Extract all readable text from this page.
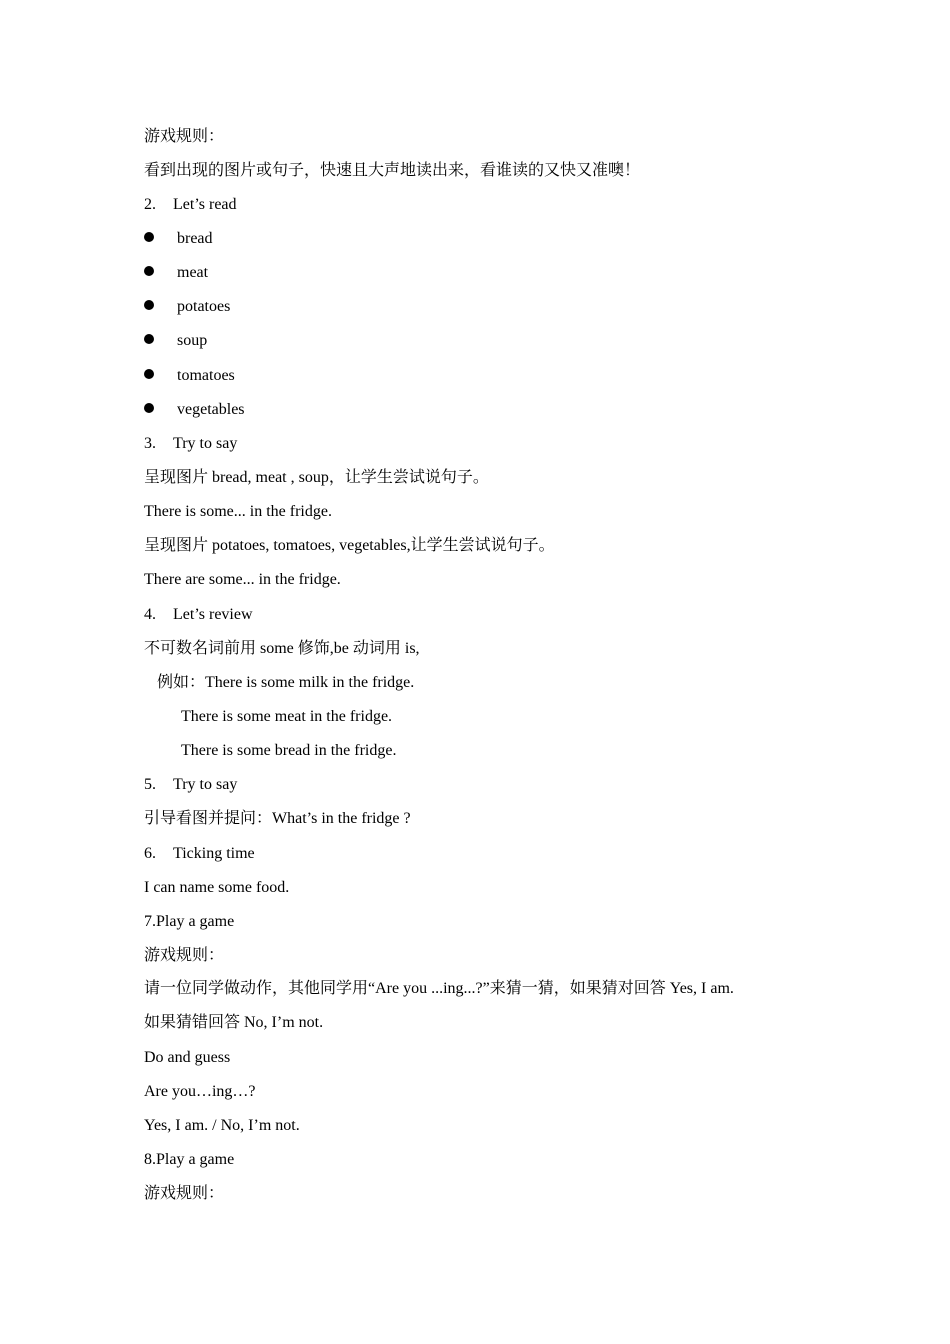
游戏规则：
看到出现的图片或句子，快速且大声地读出来，看谁读的又快又准噢！
2. Let’s read
bread
meat
potatoes
soup
tomatoes
vegetables
3. Try to say
呈现图片 bread, meat , soup，让学生尝试说句子。
There is some... in the fridge.
呈现图片 potatoes, tomatoes, vegetables,让学生尝试说句子。
There are some... in the fridge.
4. Let’s review
不可数名词前用 some 修饰,be 动词用 is,
例如：There is some milk in the fridge.
There is some meat in the fridge.
There is some bread in the fridge.
5. Try to say
引导看图并提问：What’s in the fridge ?
6. Ticking time
I can name some food.
7.Play a game
游戏规则：
请一位同学做动作，其他同学用“Are you ...ing...?”来猜一猜，如果猜对回答 Yes, I am.
如果猜错回答 No, I’m not.
Do and guess
Are you…ing…?
Yes, I am. / No, I’m not.
8.Play a game
游戏规则：
